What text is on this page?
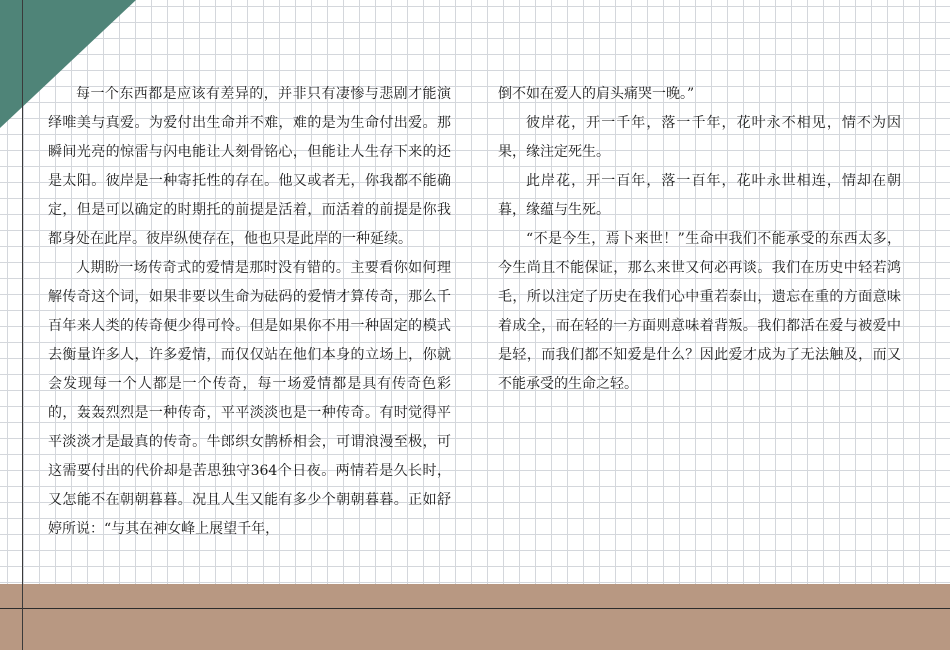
每一个东西都是应该有差异的，并非只有凄惨与悲剧才能演绎唯美与真爱。为爱付出生命并不难，难的是为生命付出爱。那瞬间光亮的惊雷与闪电能让人刻骨铭心，但能让人生存下来的还是太阳。彼岸是一种寄托性的存在。他又或者无，你我都不能确定，但是可以确定的时期托的前提是活着，而活着的前提是你我都身处在此岸。彼岸纵使存在，他也只是此岸的一种延续。

人期盼一场传奇式的爱情是那时没有错的。主要看你如何理解传奇这个词，如果非要以生命为砝码的爱情才算传奇，那么千百年来人类的传奇便少得可怜。但是如果你不用一种固定的模式去衡量许多人，许多爱情，而仅仅站在他们本身的立场上，你就会发现每一个人都是一个传奇，每一场爱情都是具有传奇色彩的，轰轰烈烈是一种传奇，平平淡淡也是一种传奇。有时觉得平平淡淡才是最真的传奇。牛郎织女鹊桥相会，可谓浪漫至极，可这需要付出的代价却是苦思独守364个日夜。两情若是久长时，又怎能不在朝朝暮暮。况且人生又能有多少个朝朝暮暮。正如舒婷所说：“与其在神女峰上展望千年，

倒不如在爱人的肩头痛哭一晚。”

彼岸花，开一千年，落一千年，花叶永不相见，情不为因果，缘注定死生。

此岸花，开一百年，落一百年，花叶永世相连，情却在朝暮，缘蕴与生死。

“不是今生，焉卜来世！”生命中我们不能承受的东西太多，今生尚且不能保证，那么来世又何必再谈。我们在历史中轻若鸿毛，所以注定了历史在我们心中重若泰山，遗忘在重的方面意味着成全，而在轻的一方面则意味着背叛。我们都活在爱与被爱中是轻，而我们都不知爱是什么？因此爱才成为了无法触及，而又不能承受的生命之轻。
